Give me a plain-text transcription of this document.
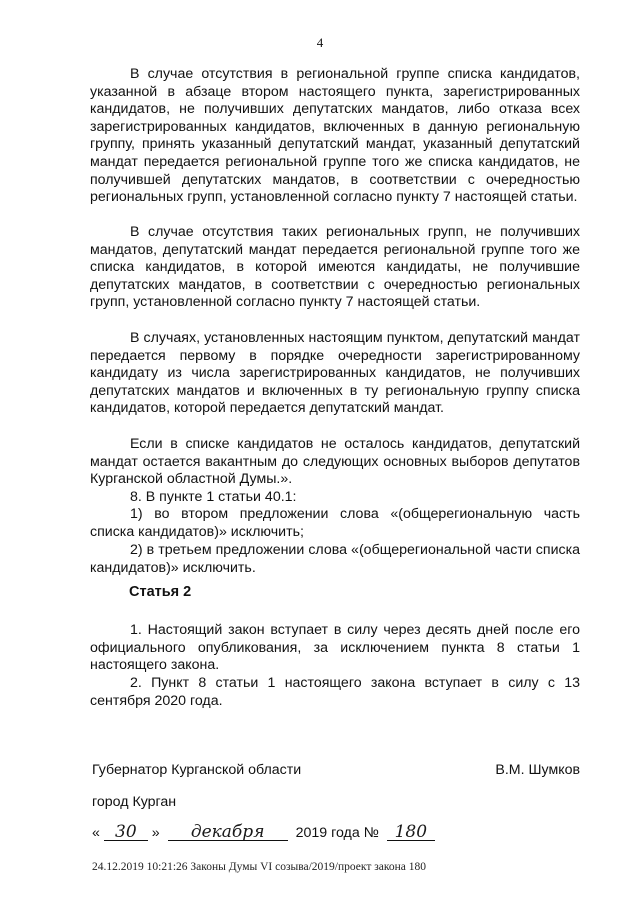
4

В случае отсутствия в региональной группе списка кандидатов, указанной в абзаце втором настоящего пункта, зарегистрированных кандидатов, не получивших депутатских мандатов, либо отказа всех зарегистрированных кандидатов, включенных в данную региональную группу, принять указанный депутатский мандат, указанный депутатский мандат передается региональной группе того же списка кандидатов, не получившей депутатских мандатов, в соответствии с очередностью региональных групп, установленной согласно пункту 7 настоящей статьи.

В случае отсутствия таких региональных групп, не получивших мандатов, депутатский мандат передается региональной группе того же списка кандидатов, в которой имеются кандидаты, не получившие депутатских мандатов, в соответствии с очередностью региональных групп, установленной согласно пункту 7 настоящей статьи.

В случаях, установленных настоящим пунктом, депутатский мандат передается первому в порядке очередности зарегистрированному кандидату из числа зарегистрированных кандидатов, не получивших депутатских мандатов и включенных в ту региональную группу списка кандидатов, которой передается депутатский мандат.

Если в списке кандидатов не осталось кандидатов, депутатский мандат остается вакантным до следующих основных выборов депутатов Курганской областной Думы.».

8. В пункте 1 статьи 40.1:

1) во втором предложении слова «(общерегиональную часть списка кандидатов)» исключить;

2) в третьем предложении слова «(общерегиональной части списка кандидатов)» исключить.

Статья 2

1. Настоящий закон вступает в силу через десять дней после его официального опубликования, за исключением пункта 8 статьи 1 настоящего закона.

2. Пункт 8 статьи 1 настоящего закона вступает в силу с 13 сентября 2020 года.

Губернатор Курганской области	В.М. Шумков
город Курган
« 30 » декабря 2019 года № 180
24.12.2019 10:21:26 Законы Думы VI созыва/2019/проект закона 180
